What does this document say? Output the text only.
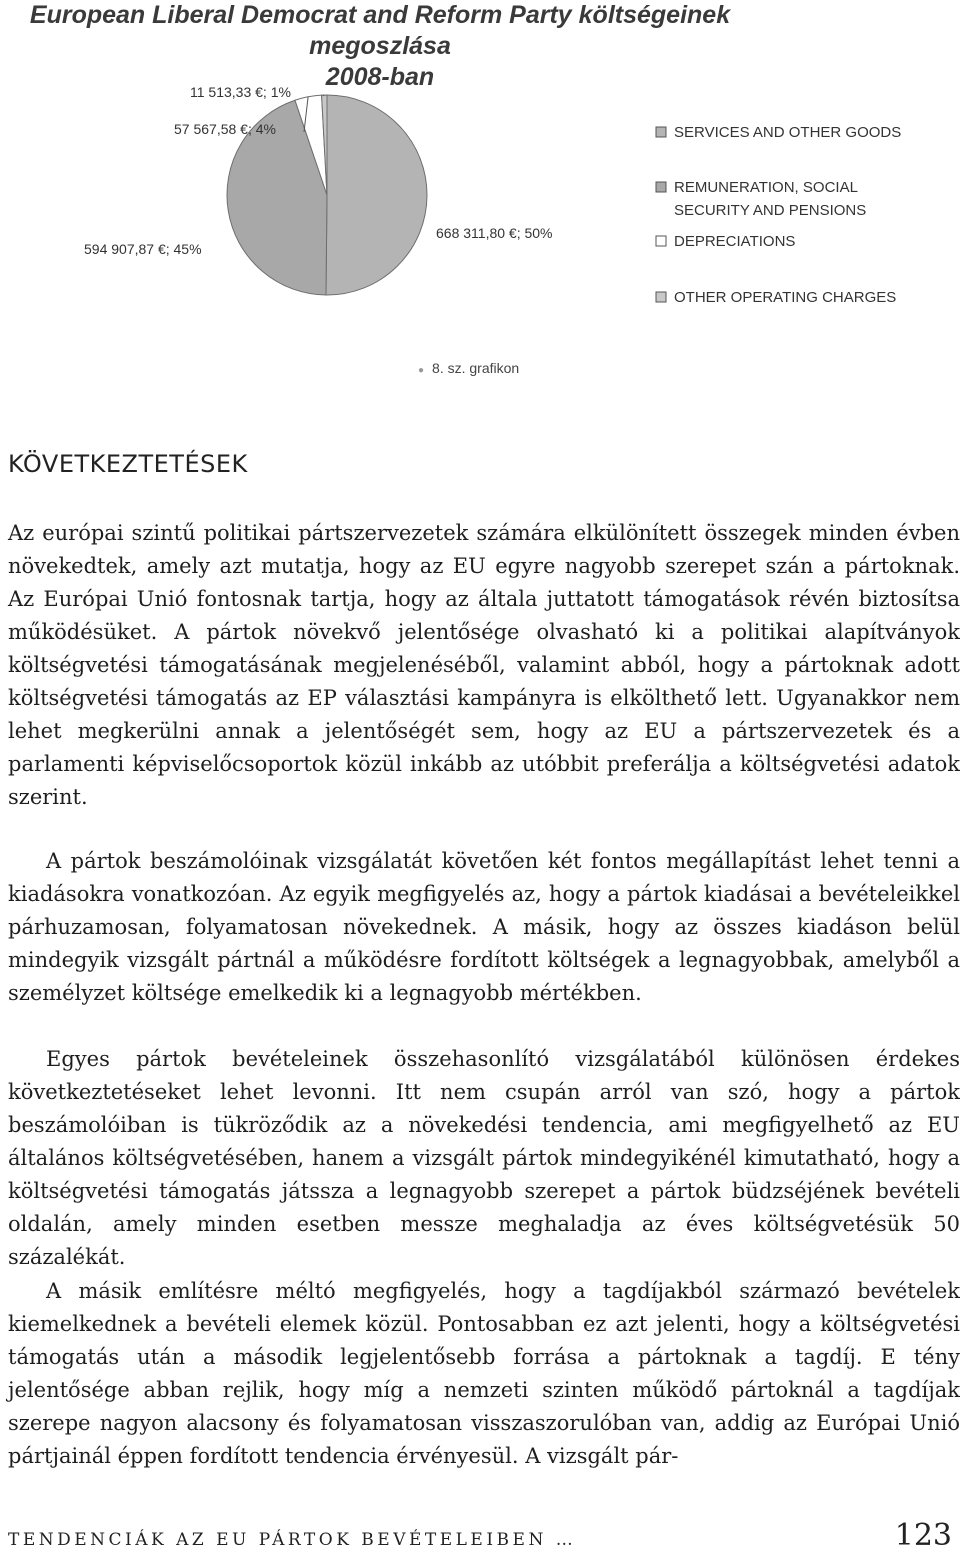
European Liberal Democrat and Reform Party költségeinek megoszlása
2008-ban
668 311,80 €; 50%
594 907,87 €; 45%
57 567,58 €; 4%
11 513,33 €; 1%
SERVICES AND OTHER GOODS
REMUNERATION, SOCIAL
SECURITY AND PENSIONS
DEPRECIATIONS
OTHER OPERATING CHARGES
● 8. sz. grafikon
KÖVETKEZTETÉSEK

Az európai szintű politikai pártszervezetek számára elkülönített összegek minden évben növekedtek, amely azt mutatja, hogy az EU egyre nagyobb szerepet szán a pártoknak. Az Európai Unió fontosnak tartja, hogy az általa juttatott támogatások révén biztosítsa működésüket. A pártok növekvő jelentősége olvasható ki a politikai alapítványok költségvetési támogatásának megjelenéséből, valamint abból, hogy a pártoknak adott költségvetési támogatás az EP választási kampányra is elkölthető lett. Ugyanakkor nem lehet megkerülni annak a jelentőségét sem, hogy az EU a pártszervezetek és a parlamenti képviselőcsoportok közül inkább az utóbbit preferálja a költségvetési adatok szerint.

A pártok beszámolóinak vizsgálatát követően két fontos megállapítást lehet tenni a kiadásokra vonatkozóan. Az egyik megfigyelés az, hogy a pártok kiadásai a bevételeikkel párhuzamosan, folyamatosan növekednek. A másik, hogy az összes kiadáson belül mindegyik vizsgált pártnál a működésre fordított költségek a legnagyobbak, amelyből a személyzet költsége emelkedik ki a legnagyobb mértékben.

Egyes pártok bevételeinek összehasonlító vizsgálatából különösen érdekes következtetéseket lehet levonni. Itt nem csupán arról van szó, hogy a pártok beszámolóiban is tükröződik az a növekedési tendencia, ami megfigyelhető az EU általános költségvetésében, hanem a vizsgált pártok mindegyikénél kimutatható, hogy a költségvetési támogatás játssza a legnagyobb szerepet a pártok büdzséjének bevételi oldalán, amely minden esetben messze meghaladja az éves költségvetésük 50 százalékát.

A másik említésre méltó megfigyelés, hogy a tagdíjakból származó bevételek kiemelkednek a bevételi elemek közül. Pontosabban ez azt jelenti, hogy a költségvetési támogatás után a második legjelentősebb forrása a pártoknak a tagdíj. E tény jelentősége abban rejlik, hogy míg a nemzeti szinten működő pártoknál a tagdíjak szerepe nagyon alacsony és folyamatosan visszaszorulóban van, addig az Európai Unió pártjainál éppen fordított tendencia érvényesül. A vizsgált pár-

TENDENCIÁK AZ EU PÁRTOK BEVÉTELEIBEN …	123
